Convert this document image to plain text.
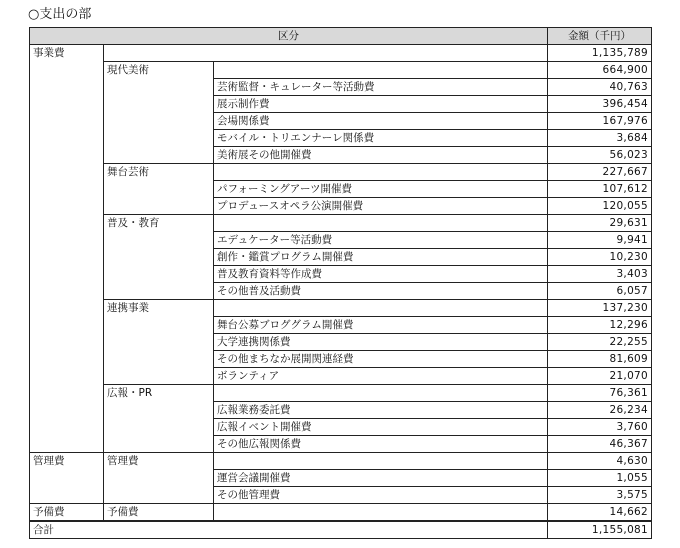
○支出の部
区分			金額（千円）
事業費			1,135,789
	現代美術		664,900
		芸術監督・キュレーター等活動費	40,763
		展示制作費	396,454
		会場関係費	167,976
		モバイル・トリエンナーレ関係費	3,684
		美術展その他開催費	56,023
	舞台芸術		227,667
		パフォーミングアーツ開催費	107,612
		プロデュースオペラ公演開催費	120,055
	普及・教育		29,631
		エデュケーター等活動費	9,941
		創作・鑑賞プログラム開催費	10,230
		普及教育資料等作成費	3,403
		その他普及活動費	6,057
	連携事業		137,230
		舞台公募ブロググラム開催費	12,296
		大学連携関係費	22,255
		その他まちなか展開関連経費	81,609
		ボランティア	21,070
	広報・PR		76,361
		広報業務委託費	26,234
		広報イベント開催費	3,760
		その他広報関係費	46,367
管理費	管理費		4,630
		運営会議開催費	1,055
		その他管理費	3,575
予備費	予備費		14,662
合計			1,155,081
